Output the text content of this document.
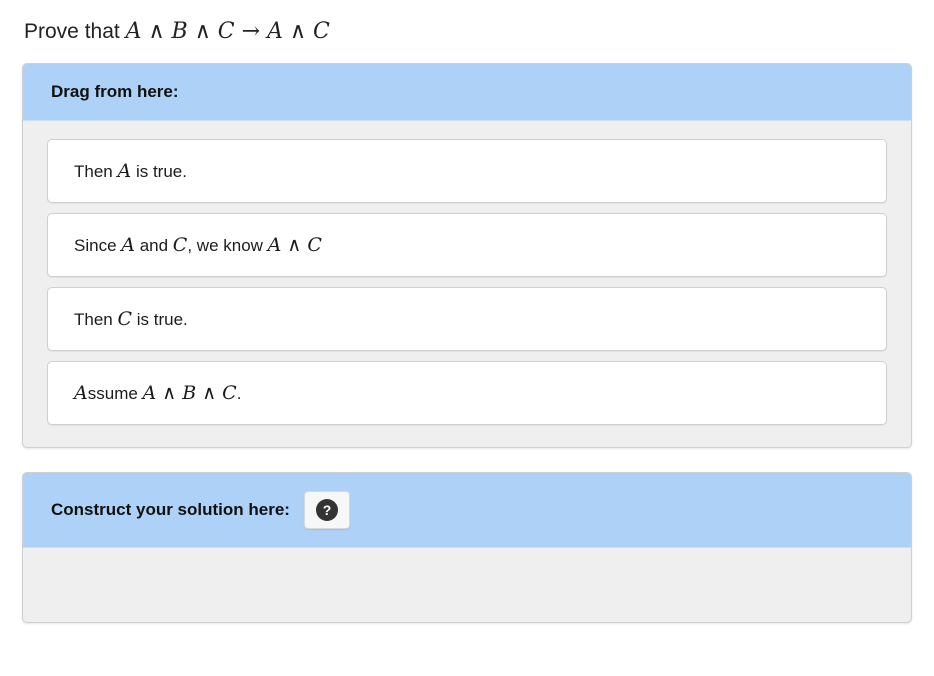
Prove that A ∧ B ∧ C → A ∧ C
Drag from here:
Then A is true.
Since A and C, we know A ∧ C
Then C is true.
Assume A ∧ B ∧ C.
Construct your solution here:	?
